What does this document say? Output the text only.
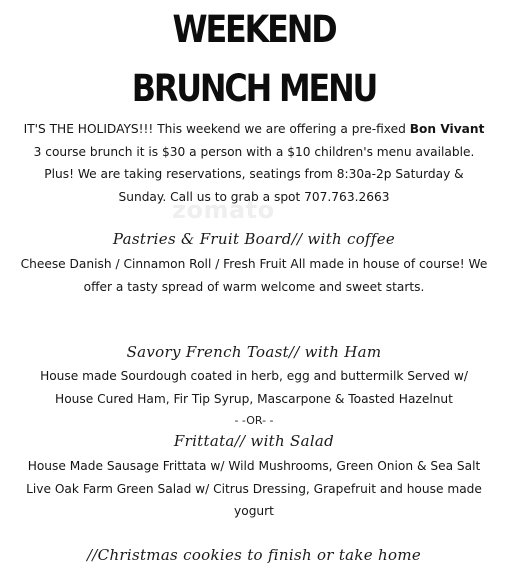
WEEKEND
BRUNCH MENU
IT'S THE HOLIDAYS!!! This weekend we are offering a pre-fixed Bon Vivant 3 course brunch it is $30 a person with a $10 children's menu available. Plus! We are taking reservations, seatings from 8:30a-2p Saturday & Sunday. Call us to grab a spot 707.763.2663
zomato
Pastries & Fruit Board// with coffee
Cheese Danish / Cinnamon Roll / Fresh Fruit All made in house of course! We offer a tasty spread of warm welcome and sweet starts.
Savory French Toast// with Ham
House made Sourdough coated in herb, egg and buttermilk Served w/ House Cured Ham, Fir Tip Syrup, Mascarpone & Toasted Hazelnut
- -OR- -
Frittata// with Salad
House Made Sausage Frittata w/ Wild Mushrooms, Green Onion & Sea Salt Live Oak Farm Green Salad w/ Citrus Dressing, Grapefruit and house made yogurt
//Christmas cookies to finish or take home
